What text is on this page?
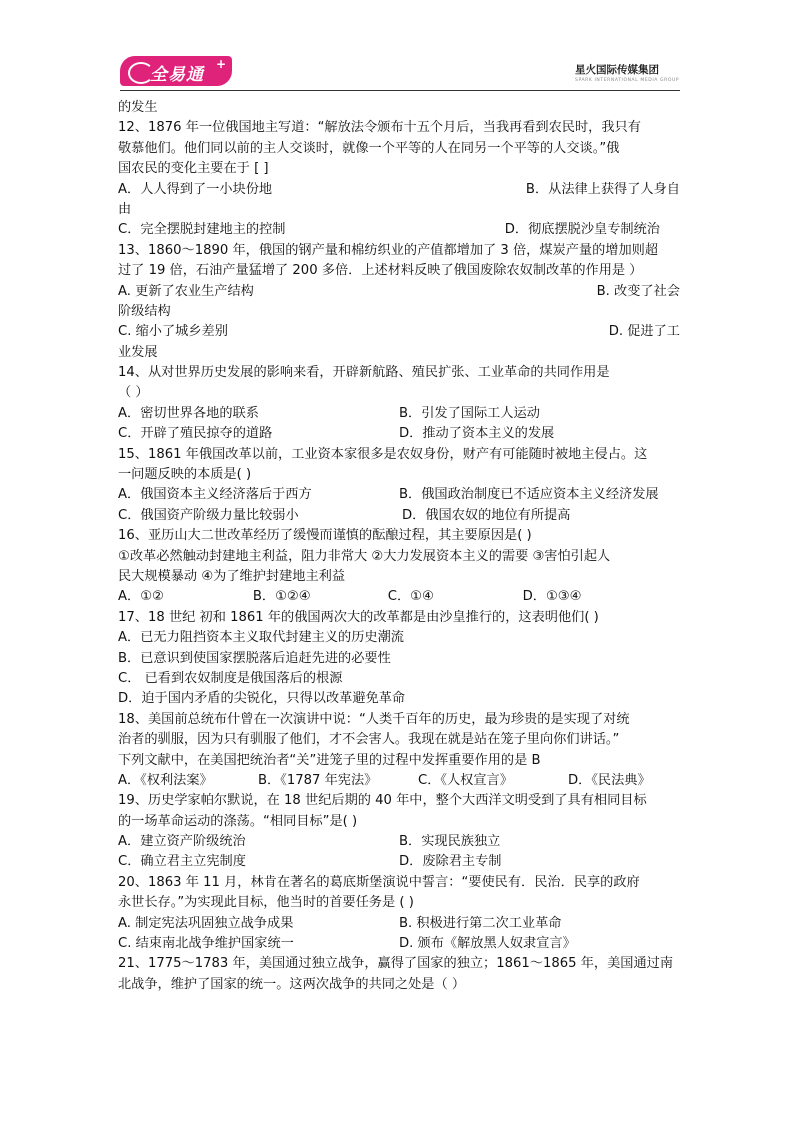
全易通
+	星火国际传媒集团
SPARK INTERNATIONAL MEDIA GROUP
的发生
12、1876 年一位俄国地主写道：“解放法令颁布十五个月后，当我再看到农民时，我只有
敬慕他们。他们同以前的主人交谈时，就像一个平等的人在同另一个平等的人交谈。”俄
国农民的变化主要在于 [ ]
A．人人得到了一小块份地	B．从法律上获得了人身自
由
C．完全摆脱封建地主的控制	D．彻底摆脱沙皇专制统治
13、1860～1890 年，俄国的钢产量和棉纺织业的产值都增加了 3 倍，煤炭产量的增加则超
过了 19 倍，石油产量猛增了 200 多倍．上述材料反映了俄国废除农奴制改革的作用是 ）
A. 更新了农业生产结构	B. 改变了社会
阶级结构
C. 缩小了城乡差别	D. 促进了工
业发展
14、从对世界历史发展的影响来看，开辟新航路、殖民扩张、工业革命的共同作用是
（ ）
A．密切世界各地的联系	B．引发了国际工人运动
C．开辟了殖民掠夺的道路	D．推动了资本主义的发展
15、1861 年俄国改革以前，工业资本家很多是农奴身份，财产有可能随时被地主侵占。这
一问题反映的本质是( )
A．俄国资本主义经济落后于西方	B．俄国政治制度已不适应资本主义经济发展
C．俄国资产阶级力量比较弱小	D．俄国农奴的地位有所提高
16、亚历山大二世改革经历了缓慢而谨慎的酝酿过程，其主要原因是( )
①改革必然触动封建地主利益，阻力非常大 ②大力发展资本主义的需要 ③害怕引起人
民大规模暴动 ④为了维护封建地主利益
A．①②	B．①②④	C．①④	D．①③④
17、18 世纪 初和 1861 年的俄国两次大的改革都是由沙皇推行的，这表明他们( )
A．已无力阻挡资本主义取代封建主义的历史潮流
B．已意识到使国家摆脱落后追赶先进的必要性
C． 已看到农奴制度是俄国落后的根源
D．迫于国内矛盾的尖锐化，只得以改革避免革命
18、美国前总统布什曾在一次演讲中说：“人类千百年的历史，最为珍贵的是实现了对统
治者的驯服，因为只有驯服了他们，才不会害人。我现在就是站在笼子里向你们讲话。”
下列文献中，在美国把统治者“关”进笼子里的过程中发挥重要作用的是 B
A．《权利法案》	B．《1787 年宪法》	C．《人权宣言》	D．《民法典》
19、历史学家帕尔默说，在 18 世纪后期的 40 年中，整个大西洋文明受到了具有相同目标
的一场革命运动的涤荡。“相同目标”是( )
A．建立资产阶级统治	B．实现民族独立
C．确立君主立宪制度	D．废除君主专制
20、1863 年 11 月，林肯在著名的葛底斯堡演说中誓言：“要使民有．民治．民享的政府
永世长存。”为实现此目标，他当时的首要任务是 ( )
A. 制定宪法巩固独立战争成果	B. 积极进行第二次工业革命
C. 结束南北战争维护国家统一	D. 颁布《解放黑人奴隶宣言》
21、1775～1783 年，美国通过独立战争，赢得了国家的独立；1861～1865 年，美国通过南
北战争，维护了国家的统一。这两次战争的共同之处是（ ）
